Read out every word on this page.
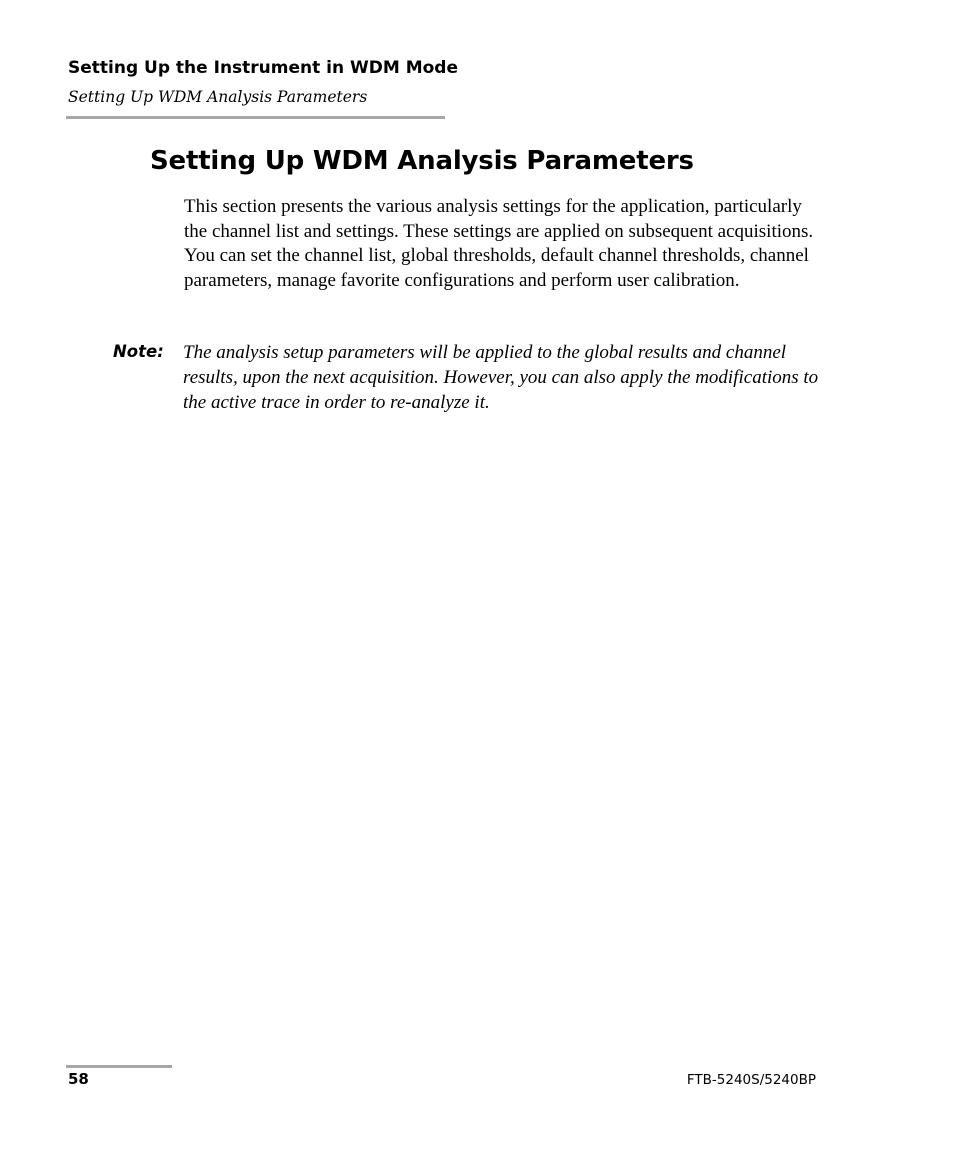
Setting Up the Instrument in WDM Mode
Setting Up WDM Analysis Parameters
Setting Up WDM Analysis Parameters

This section presents the various analysis settings for the application, particularly the channel list and settings. These settings are applied on subsequent acquisitions. You can set the channel list, global thresholds, default channel thresholds, channel parameters, manage favorite configurations and perform user calibration.

Note: The analysis setup parameters will be applied to the global results and channel results, upon the next acquisition. However, you can also apply the modifications to the active trace in order to re-analyze it.

58	FTB-5240S/5240BP
